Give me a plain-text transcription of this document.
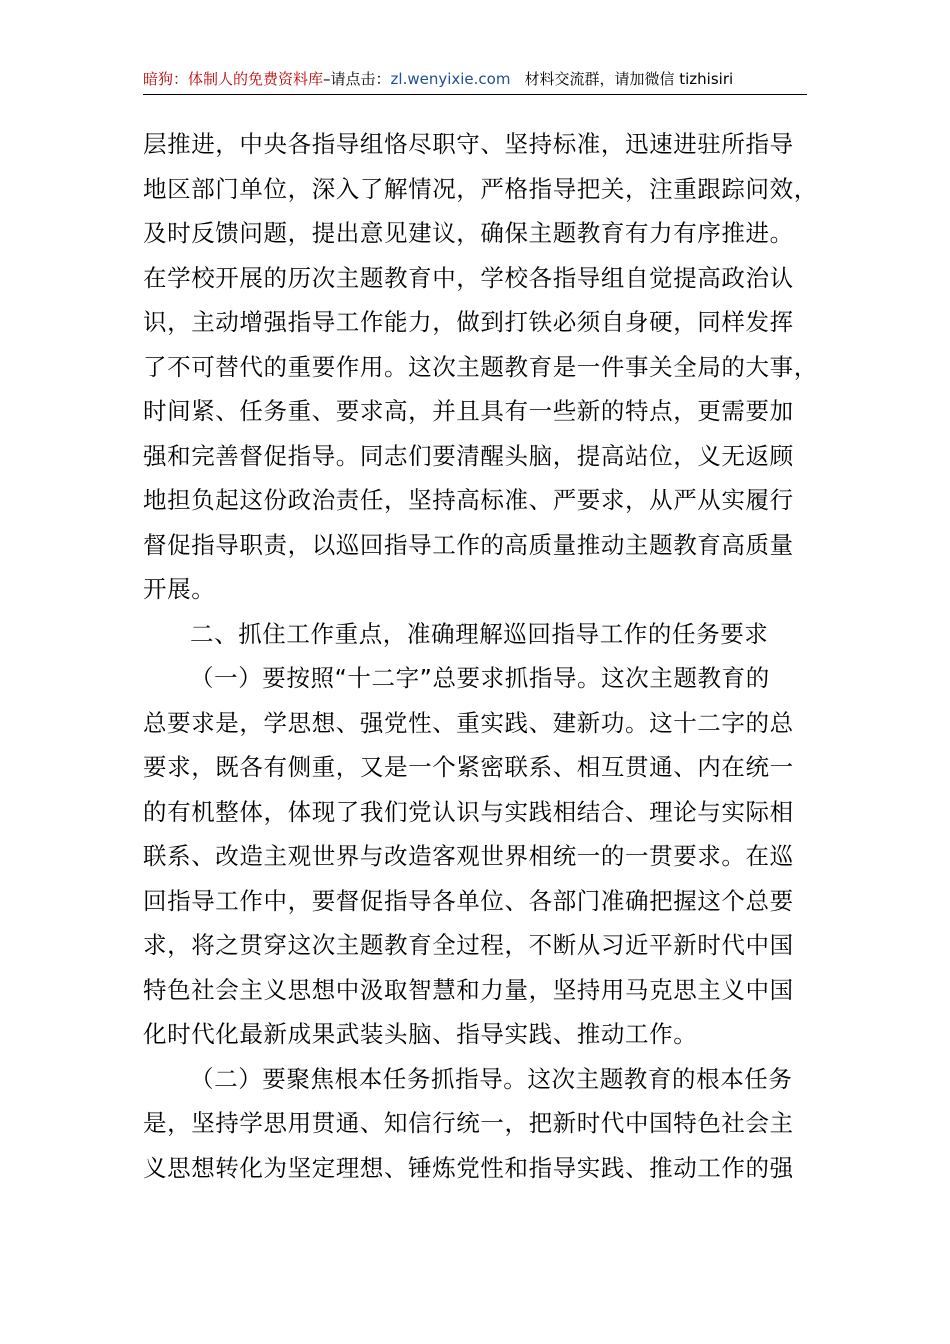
暗狗：体制人的免费资料库–请点击：zl.wenyixie.com 材料交流群，请加微信 tizhisiri
层推进，中央各指导组恪尽职守、坚持标准，迅速进驻所指导
地区部门单位，深入了解情况，严格指导把关，注重跟踪问效，
及时反馈问题，提出意见建议，确保主题教育有力有序推进。
在学校开展的历次主题教育中，学校各指导组自觉提高政治认
识，主动增强指导工作能力，做到打铁必须自身硬，同样发挥
了不可替代的重要作用。这次主题教育是一件事关全局的大事，
时间紧、任务重、要求高，并且具有一些新的特点，更需要加
强和完善督促指导。同志们要清醒头脑，提高站位，义无返顾
地担负起这份政治责任，坚持高标准、严要求，从严从实履行
督促指导职责，以巡回指导工作的高质量推动主题教育高质量
开展。
二、抓住工作重点，准确理解巡回指导工作的任务要求
（一）要按照“十二字”总要求抓指导。这次主题教育的
总要求是，学思想、强党性、重实践、建新功。这十二字的总
要求，既各有侧重，又是一个紧密联系、相互贯通、内在统一
的有机整体，体现了我们党认识与实践相结合、理论与实际相
联系、改造主观世界与改造客观世界相统一的一贯要求。在巡
回指导工作中，要督促指导各单位、各部门准确把握这个总要
求，将之贯穿这次主题教育全过程，不断从习近平新时代中国
特色社会主义思想中汲取智慧和力量，坚持用马克思主义中国
化时代化最新成果武装头脑、指导实践、推动工作。
（二）要聚焦根本任务抓指导。这次主题教育的根本任务
是，坚持学思用贯通、知信行统一，把新时代中国特色社会主
义思想转化为坚定理想、锤炼党性和指导实践、推动工作的强
